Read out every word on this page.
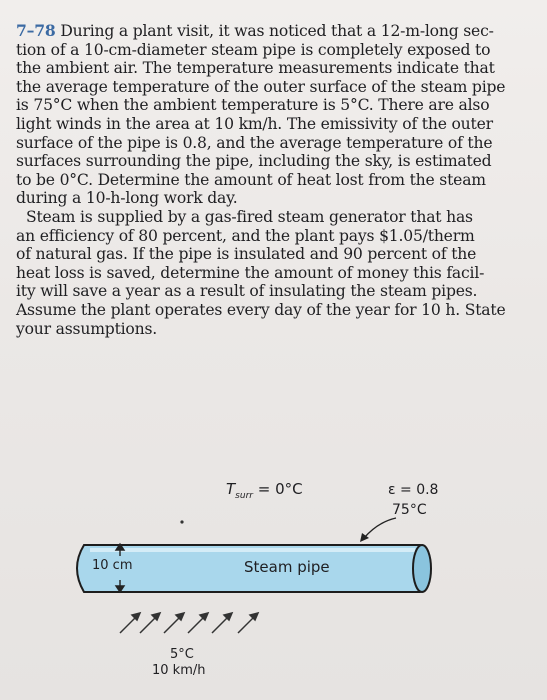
7–78 During a plant visit, it was noticed that a 12-m-long sec-
tion of a 10-cm-diameter steam pipe is completely exposed to
the ambient air. The temperature measurements indicate that
the average temperature of the outer surface of the steam pipe
is 75°C when the ambient temperature is 5°C. There are also
light winds in the area at 10 km/h. The emissivity of the outer
surface of the pipe is 0.8, and the average temperature of the
surfaces surrounding the pipe, including the sky, is estimated
to be 0°C. Determine the amount of heat lost from the steam
during a 10-h-long work day.
Steam is supplied by a gas-fired steam generator that has
an efficiency of 80 percent, and the plant pays $1.05/therm
of natural gas. If the pipe is insulated and 90 percent of the
heat loss is saved, determine the amount of money this facil-
ity will save a year as a result of insulating the steam pipes.
Assume the plant operates every day of the year for 10 h. State
your assumptions.
$T_{surr} = 0^\circ C$	ε = 0.8
75°C
10 cm	Steam pipe
5°C
10 km/h
